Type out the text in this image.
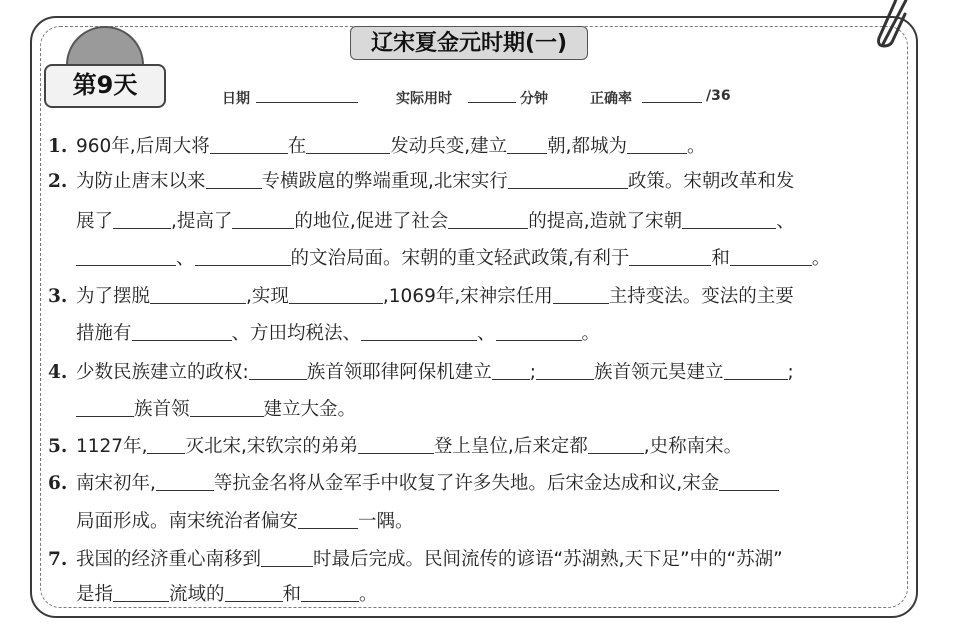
辽宋夏金元时期(一)
第9天	日期	实际用时	分钟	正确率	/36
1. 960年,后周大将	在	发动兵变,建立 朝,都城为	。
2. 为防止唐末以来	专横跋扈的弊端重现,北宋实行	政策。宋朝改革和发
展了	,提高了	的地位,促进了社会	的提高,造就了宋朝	、
、	的文治局面。宋朝的重文轻武政策,有利于	和	。
3. 为了摆脱	,实现	,1069年,宋神宗任用	主持变法。变法的主要
措施有	、方田均税法、	、	。
4. 少数民族建立的政权:	族首领耶律阿保机建立 ;	族首领元昊建立	;
族首领	建立大金。
5. 1127年, 灭北宋,宋钦宗的弟弟	登上皇位,后来定都	,史称南宋。
6. 南宋初年,	等抗金名将从金军手中收复了许多失地。后宋金达成和议,宋金
局面形成。南宋统治者偏安	一隅。
7. 我国的经济重心南移到	时最后完成。民间流传的谚语“苏湖熟,天下足”中的“苏湖”
是指	流域的	和	。
